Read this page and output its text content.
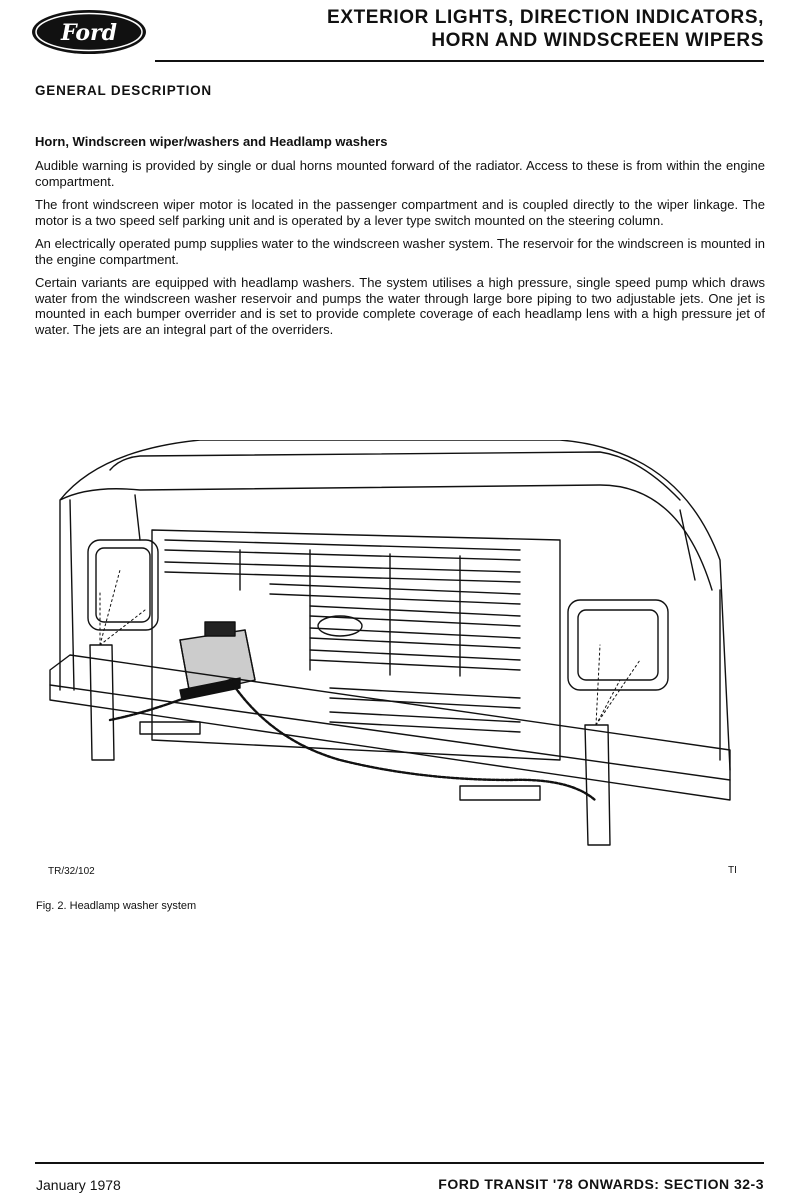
Ford
EXTERIOR LIGHTS, DIRECTION INDICATORS,
HORN AND WINDSCREEN WIPERS
GENERAL DESCRIPTION
Horn, Windscreen wiper/washers and Headlamp washers

Audible warning is provided by single or dual horns mounted forward of the radiator. Access to these is from within the engine compartment.

The front windscreen wiper motor is located in the passenger compartment and is coupled directly to the wiper linkage. The motor is a two speed self parking unit and is operated by a lever type switch mounted on the steering column.

An electrically operated pump supplies water to the windscreen washer system. The reservoir for the windscreen is mounted in the engine compartment.

Certain variants are equipped with headlamp washers. The system utilises a high pressure, single speed pump which draws water from the windscreen washer reservoir and pumps the water through large bore piping to two adjustable jets. One jet is mounted in each bumper overrider and is set to provide complete coverage of each headlamp lens with a high pressure jet of water. The jets are an integral part of the overriders.

TR/32/102	TI

Fig. 2. Headlamp washer system

January 1978	FORD TRANSIT '78 ONWARDS: SECTION 32-3
